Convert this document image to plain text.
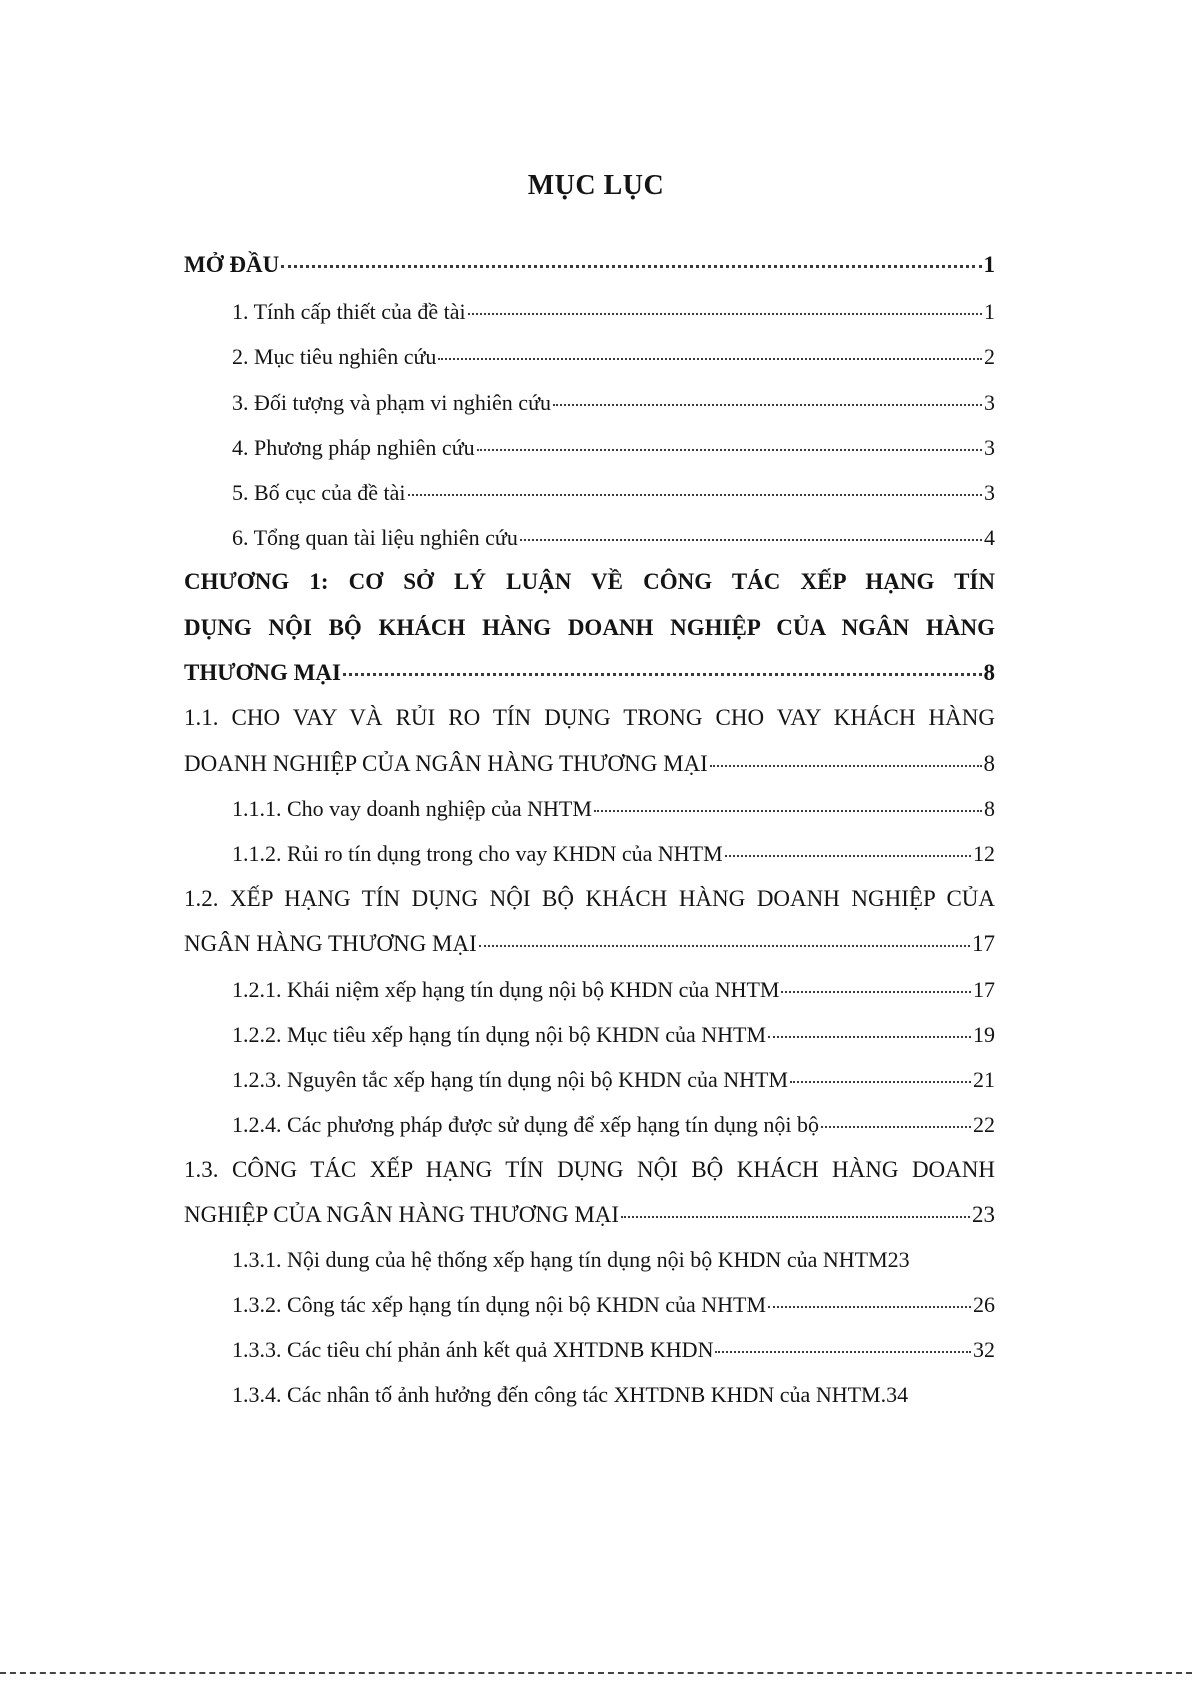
MỤC LỤC
MỞ ĐẦU	1
1. Tính cấp thiết của đề tài	1
2. Mục tiêu nghiên cứu	2
3. Đối tượng và phạm vi nghiên cứu	3
4. Phương pháp nghiên cứu	3
5. Bố cục của đề tài	3
6. Tổng quan tài liệu nghiên cứu	4
CHƯƠNG 1: CƠ SỞ LÝ LUẬN VỀ CÔNG TÁC XẾP HẠNG TÍN
DỤNG NỘI BỘ KHÁCH HÀNG DOANH NGHIỆP CỦA NGÂN HÀNG
THƯƠNG MẠI	8
1.1. CHO VAY VÀ RỦI RO TÍN DỤNG TRONG CHO VAY KHÁCH HÀNG
DOANH NGHIỆP CỦA NGÂN HÀNG THƯƠNG MẠI	8
1.1.1. Cho vay doanh nghiệp của NHTM	8
1.1.2. Rủi ro tín dụng trong cho vay KHDN của NHTM	12
1.2. XẾP HẠNG TÍN DỤNG NỘI BỘ KHÁCH HÀNG DOANH NGHIỆP CỦA
NGÂN HÀNG THƯƠNG MẠI	17
1.2.1. Khái niệm xếp hạng tín dụng nội bộ KHDN của NHTM	17
1.2.2. Mục tiêu xếp hạng tín dụng nội bộ KHDN của NHTM	19
1.2.3. Nguyên tắc xếp hạng tín dụng nội bộ KHDN của NHTM	21
1.2.4. Các phương pháp được sử dụng để xếp hạng tín dụng nội bộ	22
1.3. CÔNG TÁC XẾP HẠNG TÍN DỤNG NỘI BỘ KHÁCH HÀNG DOANH
NGHIỆP CỦA NGÂN HÀNG THƯƠNG MẠI	23
1.3.1. Nội dung của hệ thống xếp hạng tín dụng nội bộ KHDN của NHTM 23
1.3.2. Công tác xếp hạng tín dụng nội bộ KHDN của NHTM	26
1.3.3. Các tiêu chí phản ánh kết quả XHTDNB KHDN	32
1.3.4. Các nhân tố ảnh hưởng đến công tác XHTDNB KHDN của NHTM. 34
